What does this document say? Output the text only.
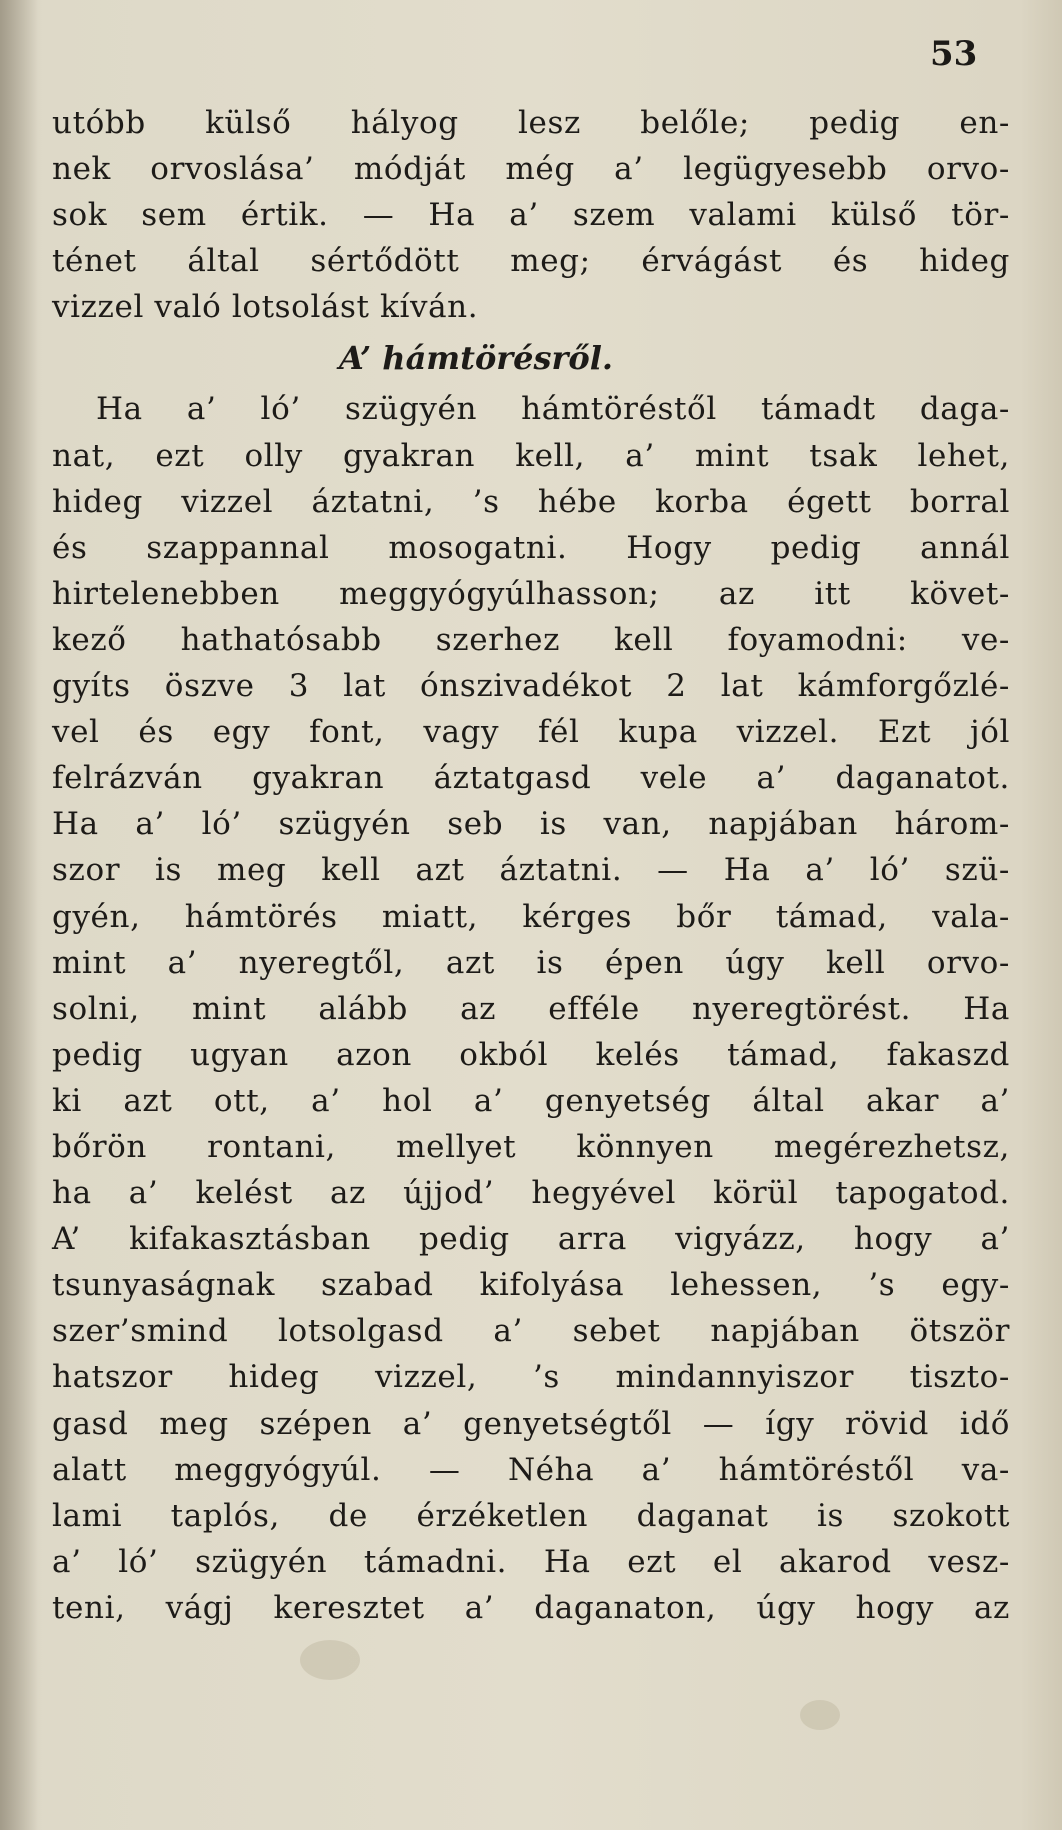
53
utóbb külső hályog lesz belőle; pedig en-
nek orvoslása’ módját még a’ legügyesebb orvo-
sok sem értik. — Ha a’ szem valami külső tör-
ténet által sértődött meg; érvágást és hideg
vizzel való lotsolást kíván.
A’ hámtörésről.
Ha a’ ló’ szügyén hámtöréstől támadt daga-
nat, ezt olly gyakran kell, a’ mint tsak lehet,
hideg vizzel áztatni, ’s hébe korba égett borral
és szappannal mosogatni. Hogy pedig annál
hirtelenebben meggyógyúlhasson; az itt követ-
kező hathatósabb szerhez kell foyamodni: ve-
gyíts öszve 3 lat ónszivadékot 2 lat kámforgőzlé-
vel és egy font, vagy fél kupa vizzel. Ezt jól
felrázván gyakran áztatgasd vele a’ daganatot.
Ha a’ ló’ szügyén seb is van, napjában három-
szor is meg kell azt áztatni. — Ha a’ ló’ szü-
gyén, hámtörés miatt, kérges bőr támad, vala-
mint a’ nyeregtől, azt is épen úgy kell orvo-
solni, mint alább az efféle nyeregtörést. Ha
pedig ugyan azon okból kelés támad, fakaszd
ki azt ott, a’ hol a’ genyetség által akar a’
bőrön rontani, mellyet könnyen megérezhetsz,
ha a’ kelést az újjod’ hegyével körül tapogatod.
A’ kifakasztásban pedig arra vigyázz, hogy a’
tsunyaságnak szabad kifolyása lehessen, ’s egy-
szer’smind lotsolgasd a’ sebet napjában ötször
hatszor hideg vizzel, ’s mindannyiszor tiszto-
gasd meg szépen a’ genyetségtől — így rövid idő
alatt meggyógyúl. — Néha a’ hámtöréstől va-
lami taplós, de érzéketlen daganat is szokott
a’ ló’ szügyén támadni. Ha ezt el akarod vesz-
teni, vágj keresztet a’ daganaton, úgy hogy az
